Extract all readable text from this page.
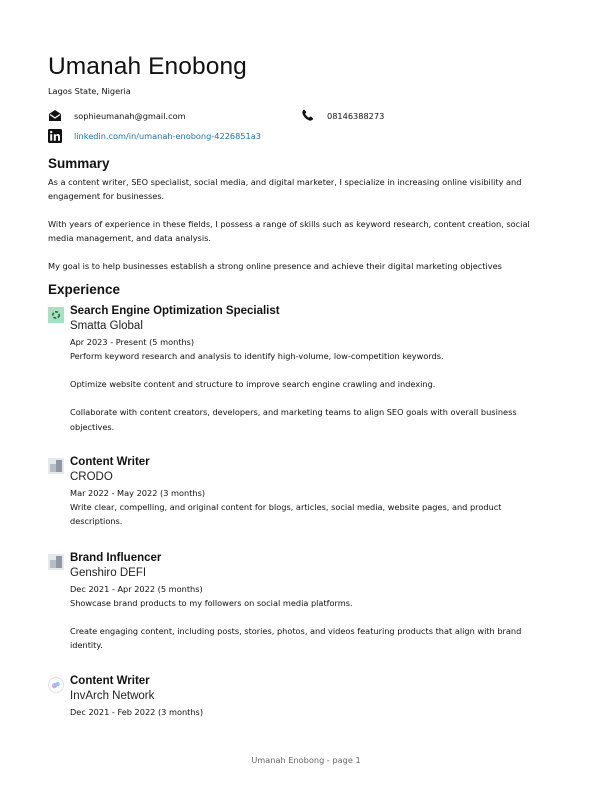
Umanah Enobong
Lagos State, Nigeria
sophieumanah@gmail.com	08146388273
linkedin.com/in/umanah-enobong-4226851a3
Summary
As a content writer, SEO specialist, social media, and digital marketer, I specialize in increasing online visibility and engagement for businesses.
With years of experience in these fields, I possess a range of skills such as keyword research, content creation, social media management, and data analysis.
My goal is to help businesses establish a strong online presence and achieve their digital marketing objectives
Experience
Search Engine Optimization Specialist
Smatta Global
Apr 2023 - Present (5 months)

Perform keyword research and analysis to identify high-volume, low-competition keywords.

Optimize website content and structure to improve search engine crawling and indexing.

Collaborate with content creators, developers, and marketing teams to align SEO goals with overall business objectives.

Content Writer
CRODO
Mar 2022 - May 2022 (3 months)

Write clear, compelling, and original content for blogs, articles, social media, website pages, and product descriptions.

Brand Influencer
Genshiro DEFI
Dec 2021 - Apr 2022 (5 months)

Showcase brand products to my followers on social media platforms.

Create engaging content, including posts, stories, photos, and videos featuring products that align with brand identity.

Content Writer
InvArch Network
Dec 2021 - Feb 2022 (3 months)
Umanah Enobong - page 1
